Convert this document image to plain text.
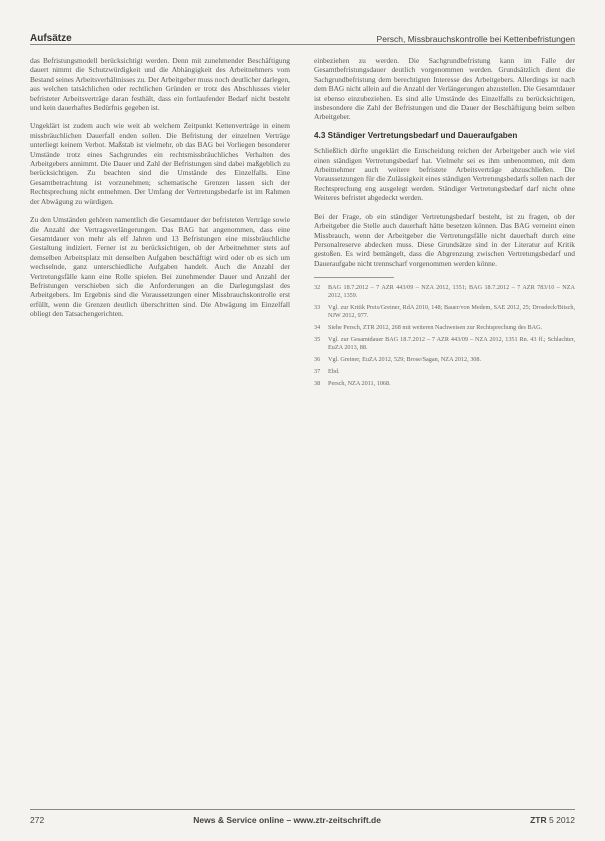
Aufsätze	Persch, Missbrauchskontrolle bei Kettenbefristungen

das Befristungsmodell berücksichtigt werden. Denn mit zunehmender Beschäftigung dauert nimmt die Schutzwürdigkeit und die Abhängigkeit des Arbeitnehmers vom Bestand seines Arbeitsverhältnisses zu. Der Arbeitgeber muss noch deutlicher darlegen, aus welchen tatsächlichen oder rechtlichen Gründen er trotz des Abschlusses vieler befristeter Arbeitsverträge daran festhält, dass ein fortlaufender Bedarf nicht besteht und kein dauerhaftes Bedürfnis gegeben ist.

Ungeklärt ist zudem auch wie weit ab welchem Zeitpunkt Kettenverträge in einem missbräuchlichen Dauerfall enden sollen. Die Befristung der einzelnen Verträge unterliegt keinem Verbot. Maßstab ist vielmehr, ob das BAG bei Vorliegen besonderer Umstände trotz eines Sachgrundes ein rechtsmissbräuchliches Verhalten des Arbeitgebers annimmt. Die Dauer und Zahl der Befristungen sind dabei maßgeblich zu berücksichtigen. Zu beachten sind die Umstände des Einzelfalls. Eine Gesamtbetrachtung ist vorzunehmen; schematische Grenzen lassen sich der Rechtsprechung nicht entnehmen. Der Umfang der Vertretungsbedarfe ist im Rahmen der Abwägung zu würdigen.

Zu den Umständen gehören namentlich die Gesamtdauer der befristeten Verträge sowie die Anzahl der Vertragsverlängerungen. Das BAG hat angenommen, dass eine Gesamtdauer von mehr als elf Jahren und 13 Befristungen eine missbräuchliche Gestaltung indiziert. Ferner ist zu berücksichtigen, ob der Arbeitnehmer stets auf demselben Arbeitsplatz mit denselben Aufgaben beschäftigt wird oder ob es sich um wechselnde, ganz unterschiedliche Aufgaben handelt. Auch die Anzahl der Vertretungsfälle kann eine Rolle spielen. Bei zunehmender Dauer und Anzahl der Befristungen verschieben sich die Anforderungen an die Darlegungslast des Arbeitgebers. Im Ergebnis sind die Voraussetzungen einer Missbrauchskontrolle erst erfüllt, wenn die Grenzen deutlich überschritten sind. Die Abwägung im Einzelfall obliegt den Tatsachengerichten.

einbeziehen zu werden. Die Sachgrundbefristung kann im Falle der Gesamtbefristungsdauer deutlich vorgenommen werden. Grundsätzlich dient die Sachgrundbefristung dem berechtigten Interesse des Arbeitgebers. Allerdings ist nach dem BAG nicht allein auf die Anzahl der Verlängerungen abzustellen. Die Gesamtdauer ist ebenso einzubeziehen. Es sind alle Umstände des Einzelfalls zu berücksichtigen, insbesondere die Zahl der Befristungen und die Dauer der Beschäftigung beim selben Arbeitgeber.

4.3 Ständiger Vertretungsbedarf und Daueraufgaben

Schließlich dürfte ungeklärt die Entscheidung reichen der Arbeitgeber auch wie viel einen ständigen Vertretungsbedarf hat. Vielmehr sei es ihm unbenommen, mit dem Arbeitnehmer auch weitere befristete Arbeitsverträge abzuschließen. Die Voraussetzungen für die Zulässigkeit eines ständigen Vertretungsbedarfs sollen nach der Rechtsprechung eng ausgelegt werden. Ständiger Vertretungsbedarf darf nicht ohne Weiteres befristet abgedeckt werden.

Bei der Frage, ob ein ständiger Vertretungsbedarf besteht, ist zu fragen, ob der Arbeitgeber die Stelle auch dauerhaft hätte besetzen können. Das BAG verneint einen Missbrauch, wenn der Arbeitgeber die Vertretungsfälle nicht dauerhaft durch eine Personalreserve abdecken muss. Diese Grundsätze sind in der Literatur auf Kritik gestoßen. Es wird bemängelt, dass die Abgrenzung zwischen Vertretungsbedarf und Daueraufgabe nicht trennscharf vorgenommen werden könne.

32	BAG 18.7.2012 – 7 AZR 443/09 – NZA 2012, 1351; BAG 18.7.2012 – 7 AZR 783/10 – NZA 2012, 1359.
33	Vgl. zur Kritik Preis/Greiner, RdA 2010, 148; Bauer/von Medem, SAE 2012, 25; Drosdeck/Bitsch, NJW 2012, 977.
34	Siehe Persch, ZTR 2012, 268 mit weiteren Nachweisen zur Rechtsprechung des BAG.
35	Vgl. zur Gesamtdauer BAG 18.7.2012 – 7 AZR 443/09 – NZA 2012, 1351 Rn. 43 ff.; Schlachter, EuZA 2013, 88.
36	Vgl. Greiner, EuZA 2012, 529; Brose/Sagan, NZA 2012, 308.
37	Ebd.
38	Persch, NZA 2011, 1068.
272	News & Service online – www.ztr-zeitschrift.de	ZTR 5 2012
